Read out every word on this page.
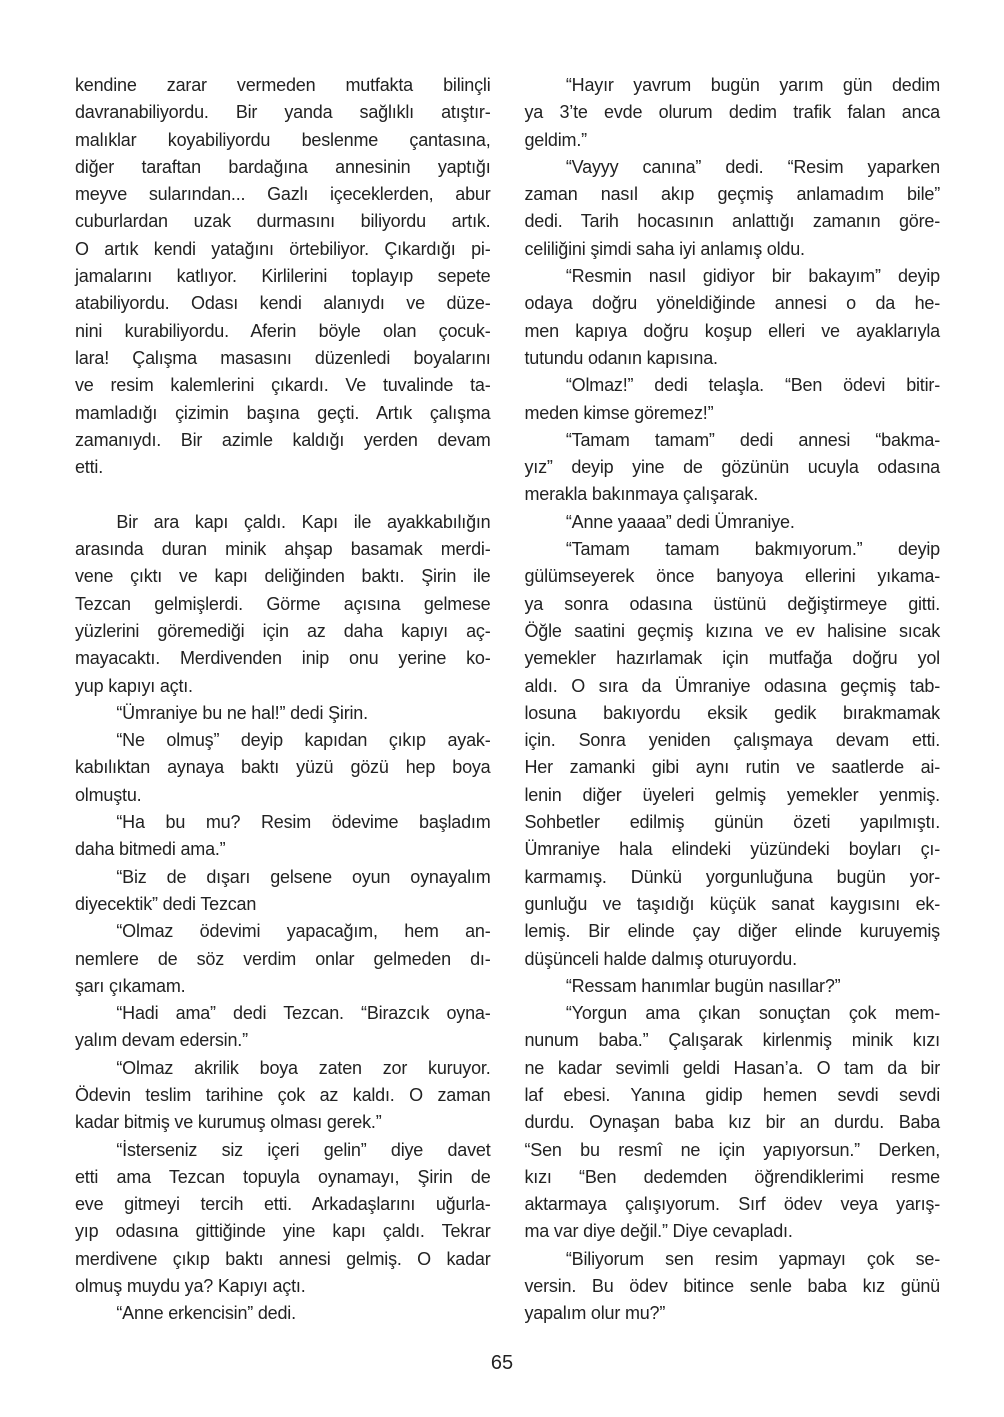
kendine zarar vermeden mutfakta bilinçli
davranabiliyordu. Bir yanda sağlıklı atıştır-
malıklar koyabiliyordu beslenme çantasına,
diğer taraftan bardağına annesinin yaptığı
meyve sularından... Gazlı içeceklerden, abur
cuburlardan uzak durmasını biliyordu artık.
O artık kendi yatağını örtebiliyor. Çıkardığı pi-
jamalarını katlıyor. Kirlilerini toplayıp sepete
atabiliyordu. Odası kendi alanıydı ve düze-
nini kurabiliyordu. Aferin böyle olan çocuk-
lara! Çalışma masasını düzenledi boyalarını
ve resim kalemlerini çıkardı. Ve tuvalinde ta-
mamladığı çizimin başına geçti. Artık çalışma
zamanıydı. Bir azimle kaldığı yerden devam
etti.
Bir ara kapı çaldı. Kapı ile ayakkabılığın
arasında duran minik ahşap basamak merdi-
vene çıktı ve kapı deliğinden baktı. Şirin ile
Tezcan gelmişlerdi. Görme açısına gelmese
yüzlerini göremediği için az daha kapıyı aç-
mayacaktı. Merdivenden inip onu yerine ko-
yup kapıyı açtı.
“Ümraniye bu ne hal!” dedi Şirin.
“Ne olmuş” deyip kapıdan çıkıp ayak-
kabılıktan aynaya baktı yüzü gözü hep boya
olmuştu.
“Ha bu mu? Resim ödevime başladım
daha bitmedi ama.”
“Biz de dışarı gelsene oyun oynayalım
diyecektik” dedi Tezcan
“Olmaz ödevimi yapacağım, hem an-
nemlere de söz verdim onlar gelmeden dı-
şarı çıkamam.
“Hadi ama” dedi Tezcan. “Birazcık oyna-
yalım devam edersin.”
“Olmaz akrilik boya zaten zor kuruyor.
Ödevin teslim tarihine çok az kaldı. O zaman
kadar bitmiş ve kurumuş olması gerek.”
“İsterseniz siz içeri gelin” diye davet
etti ama Tezcan topuyla oynamayı, Şirin de
eve gitmeyi tercih etti. Arkadaşlarını uğurla-
yıp odasına gittiğinde yine kapı çaldı. Tekrar
merdivene çıkıp baktı annesi gelmiş. O kadar
olmuş muydu ya? Kapıyı açtı.
“Anne erkencisin” dedi.
“Hayır yavrum bugün yarım gün dedim
ya 3’te evde olurum dedim trafik falan anca
geldim.”
“Vayyy canına” dedi. “Resim yaparken
zaman nasıl akıp geçmiş anlamadım bile”
dedi. Tarih hocasının anlattığı zamanın göre-
celiliğini şimdi saha iyi anlamış oldu.
“Resmin nasıl gidiyor bir bakayım” deyip
odaya doğru yöneldiğinde annesi o da he-
men kapıya doğru koşup elleri ve ayaklarıyla
tutundu odanın kapısına.
“Olmaz!” dedi telaşla. “Ben ödevi bitir-
meden kimse göremez!”
“Tamam tamam” dedi annesi “bakma-
yız” deyip yine de gözünün ucuyla odasına
merakla bakınmaya çalışarak.
“Anne yaaaa” dedi Ümraniye.
“Tamam tamam bakmıyorum.” deyip
gülümseyerek önce banyoya ellerini yıkama-
ya sonra odasına üstünü değiştirmeye gitti.
Öğle saatini geçmiş kızına ve ev halisine sıcak
yemekler hazırlamak için mutfağa doğru yol
aldı. O sıra da Ümraniye odasına geçmiş tab-
losuna bakıyordu eksik gedik bırakmamak
için. Sonra yeniden çalışmaya devam etti.
Her zamanki gibi aynı rutin ve saatlerde ai-
lenin diğer üyeleri gelmiş yemekler yenmiş.
Sohbetler edilmiş günün özeti yapılmıştı.
Ümraniye hala elindeki yüzündeki boyları çı-
karmamış. Dünkü yorgunluğuna bugün yor-
gunluğu ve taşıdığı küçük sanat kaygısını ek-
lemiş. Bir elinde çay diğer elinde kuruyemiş
düşünceli halde dalmış oturuyordu.
“Ressam hanımlar bugün nasıllar?”
“Yorgun ama çıkan sonuçtan çok mem-
nunum baba.” Çalışarak kirlenmiş minik kızı
ne kadar sevimli geldi Hasan’a. O tam da bir
laf ebesi. Yanına gidip hemen sevdi sevdi
durdu. Oynaşan baba kız bir an durdu. Baba
“Sen bu resmî ne için yapıyorsun.” Derken,
kızı “Ben dedemden öğrendiklerimi resme
aktarmaya çalışıyorum. Sırf ödev veya yarış-
ma var diye değil.” Diye cevapladı.
“Biliyorum sen resim yapmayı çok se-
versin. Bu ödev bitince senle baba kız günü
yapalım olur mu?”
65
